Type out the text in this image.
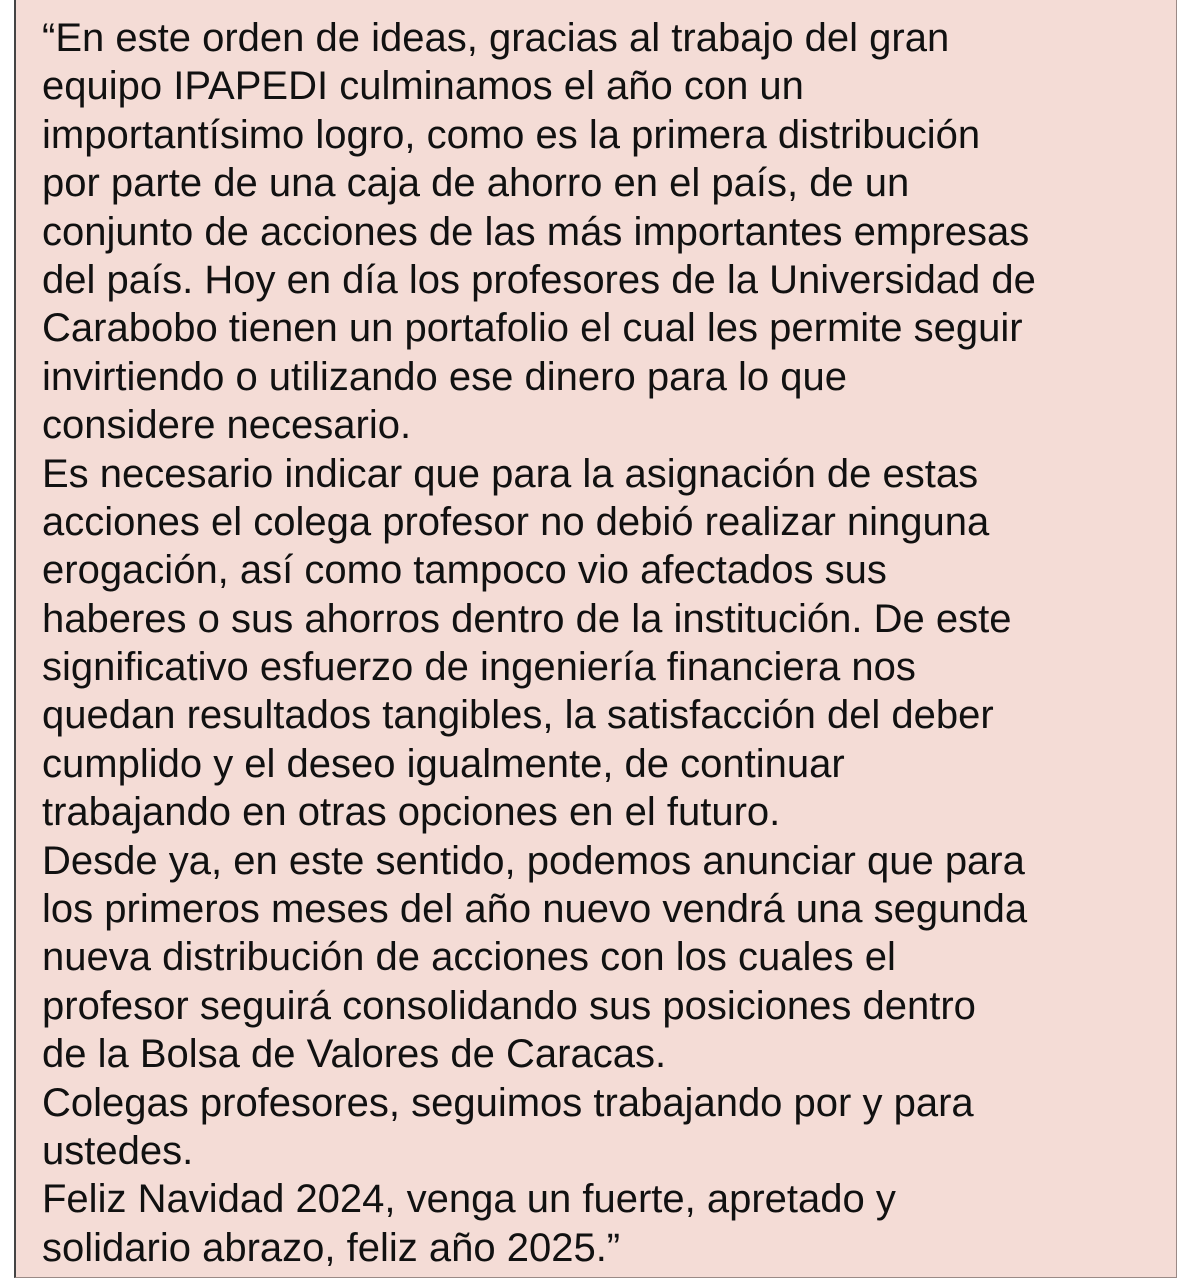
“En este orden de ideas, gracias al trabajo del gran
equipo IPAPEDI culminamos el año con un
importantísimo logro, como es la primera distribución
por parte de una caja de ahorro en el país, de un
conjunto de acciones de las más importantes empresas
del país. Hoy en día los profesores de la Universidad de
Carabobo tienen un portafolio el cual les permite seguir
invirtiendo o utilizando ese dinero para lo que
considere necesario.
Es necesario indicar que para la asignación de estas
acciones el colega profesor no debió realizar ninguna
erogación, así como tampoco vio afectados sus
haberes o sus ahorros dentro de la institución. De este
significativo esfuerzo de ingeniería financiera nos
quedan resultados tangibles, la satisfacción del deber
cumplido y el deseo igualmente, de continuar
trabajando en otras opciones en el futuro.
Desde ya, en este sentido, podemos anunciar que para
los primeros meses del año nuevo vendrá una segunda
nueva distribución de acciones con los cuales el
profesor seguirá consolidando sus posiciones dentro
de la Bolsa de Valores de Caracas.
Colegas profesores, seguimos trabajando por y para
ustedes.
Feliz Navidad 2024, venga un fuerte, apretado y
solidario abrazo, feliz año 2025.”
